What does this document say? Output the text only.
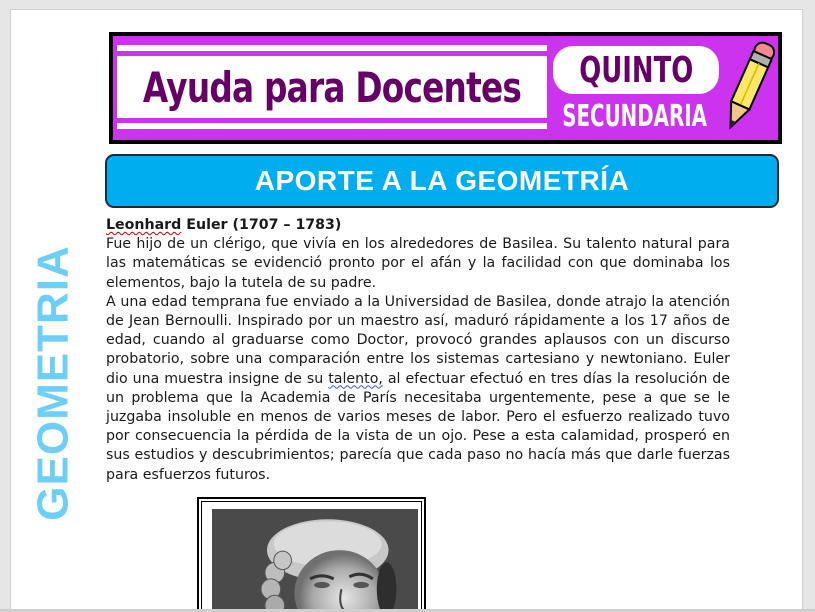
Ayuda para Docentes QUINTO
SECUNDARIA
APORTE A LA GEOMETRÍA
GEOMETRIA

Leonhard Euler (1707 – 1783)

Fue hijo de un clérigo, que vivía en los alrededores de Basilea. Su talento natural para las matemáticas se evidenció pronto por el afán y la facilidad con que dominaba los elementos, bajo la tutela de su padre.

A una edad temprana fue enviado a la Universidad de Basilea, donde atrajo la atención de Jean Bernoulli. Inspirado por un maestro así, maduró rápidamente a los 17 años de edad, cuando al graduarse como Doctor, provocó grandes aplausos con un discurso probatorio, sobre una comparación entre los sistemas cartesiano y newtoniano. Euler dio una muestra insigne de su talento, al efectuar efectuó en tres días la resolución de un problema que la Academia de París necesitaba urgentemente, pese a que se le juzgaba insoluble en menos de varios meses de labor. Pero el esfuerzo realizado tuvo por consecuencia la pérdida de la vista de un ojo. Pese a esta calamidad, prosperó en sus estudios y descubrimientos; parecía que cada paso no hacía más que darle fuerzas para esfuerzos futuros.
